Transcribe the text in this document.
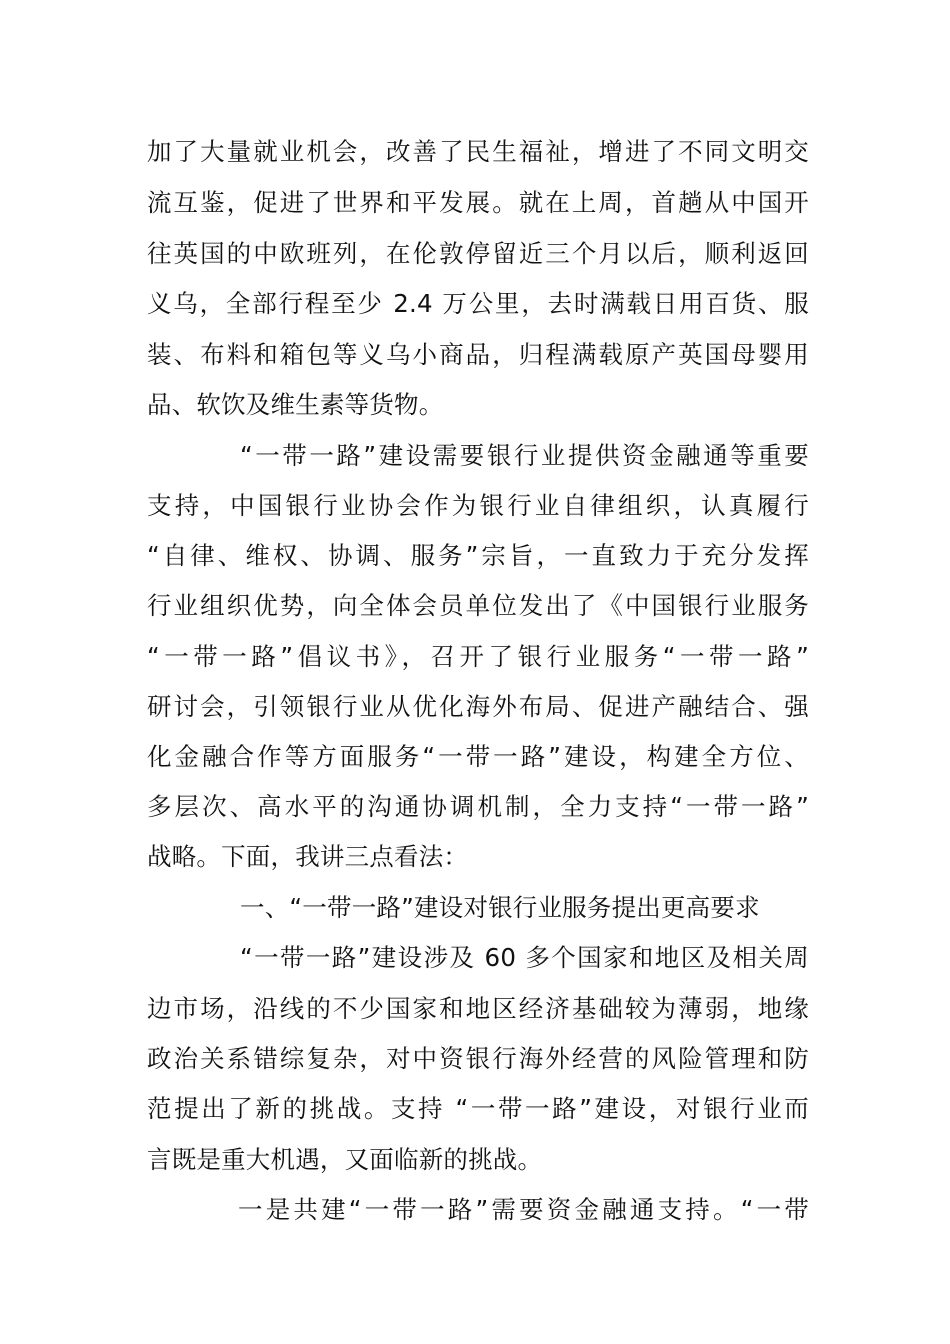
加了大量就业机会，改善了民生福祉，增进了不同文明交
流互鉴，促进了世界和平发展。就在上周，首趟从中国开
往英国的中欧班列，在伦敦停留近三个月以后，顺利返回
义乌，全部行程至少 2.4 万公里，去时满载日用百货、服
装、布料和箱包等义乌小商品，归程满载原产英国母婴用
品、软饮及维生素等货物。
“一带一路”建设需要银行业提供资金融通等重要
支持，中国银行业协会作为银行业自律组织，认真履行
“自律、维权、协调、服务”宗旨，一直致力于充分发挥
行业组织优势，向全体会员单位发出了《中国银行业服务
“一带一路”倡议书》，召开了银行业服务“一带一路”
研讨会，引领银行业从优化海外布局、促进产融结合、强
化金融合作等方面服务“一带一路”建设，构建全方位、
多层次、高水平的沟通协调机制，全力支持“一带一路”
战略。下面，我讲三点看法：
一、“一带一路”建设对银行业服务提出更高要求
“一带一路”建设涉及 60 多个国家和地区及相关周
边市场，沿线的不少国家和地区经济基础较为薄弱，地缘
政治关系错综复杂，对中资银行海外经营的风险管理和防
范提出了新的挑战。支持 “一带一路”建设，对银行业而
言既是重大机遇，又面临新的挑战。
一是共建“一带一路”需要资金融通支持。“一带
